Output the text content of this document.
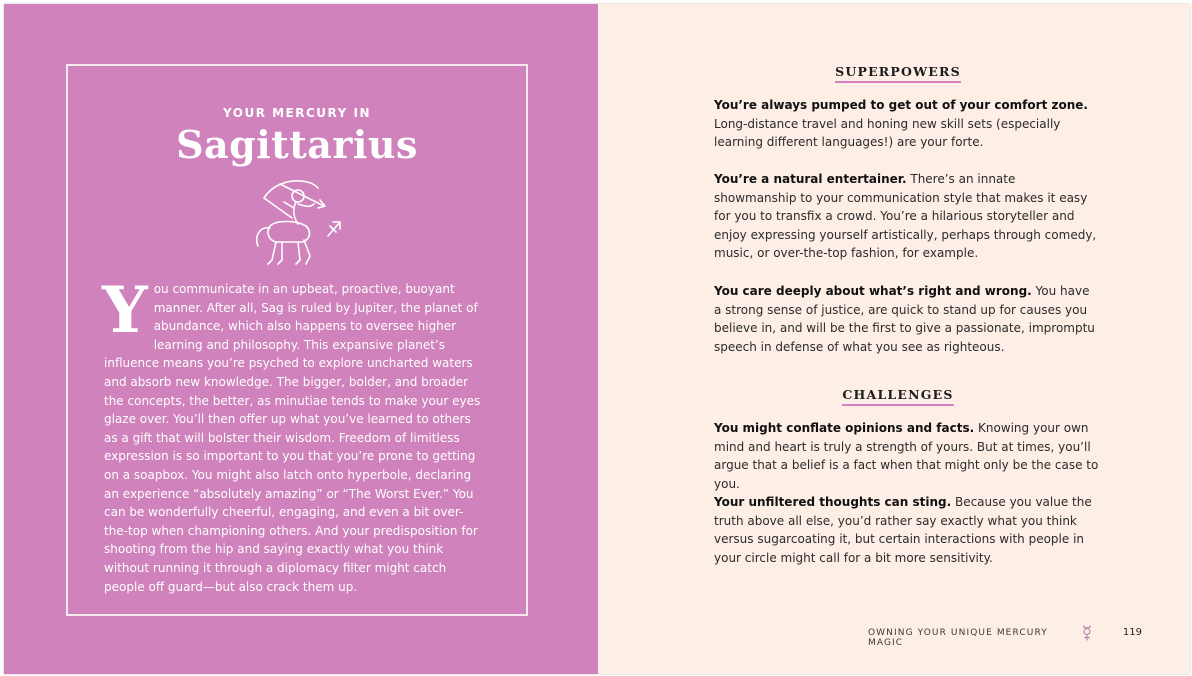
YOUR MERCURY IN
Sagittarius

You communicate in an upbeat, proactive, buoyant manner. After all, Sag is ruled by Jupiter, the planet of abundance, which also happens to oversee higher learning and philosophy. This expansive planet’s influence means you’re psyched to explore uncharted waters and absorb new knowledge. The bigger, bolder, and broader the concepts, the better, as minutiae tends to make your eyes glaze over. You’ll then offer up what you’ve learned to others as a gift that will bolster their wisdom. Freedom of limitless expression is so important to you that you’re prone to getting on a soapbox. You might also latch onto hyperbole, declaring an experience “absolutely amazing” or “The Worst Ever.” You can be wonderfully cheerful, engaging, and even a bit over-the-top when championing others. And your predisposition for shooting from the hip and saying exactly what you think without running it through a diplomacy filter might catch people off guard—but also crack them up.

SUPERPOWERS

You’re always pumped to get out of your comfort zone. Long-distance travel and honing new skill sets (especially learning different languages!) are your forte.

You’re a natural entertainer. There’s an innate showmanship to your communication style that makes it easy for you to transfix a crowd. You’re a hilarious storyteller and enjoy expressing yourself artistically, perhaps through comedy, music, or over-the-top fashion, for example.

You care deeply about what’s right and wrong. You have a strong sense of justice, are quick to stand up for causes you believe in, and will be the first to give a passionate, impromptu speech in defense of what you see as righteous.

CHALLENGES

You might conflate opinions and facts. Knowing your own mind and heart is truly a strength of yours. But at times, you’ll argue that a belief is a fact when that might only be the case to you.

Your unfiltered thoughts can sting. Because you value the truth above all else, you’d rather say exactly what you think versus sugarcoating it, but certain interactions with people in your circle might call for a bit more sensitivity.

OWNING YOUR UNIQUE MERCURY MAGIC
119
